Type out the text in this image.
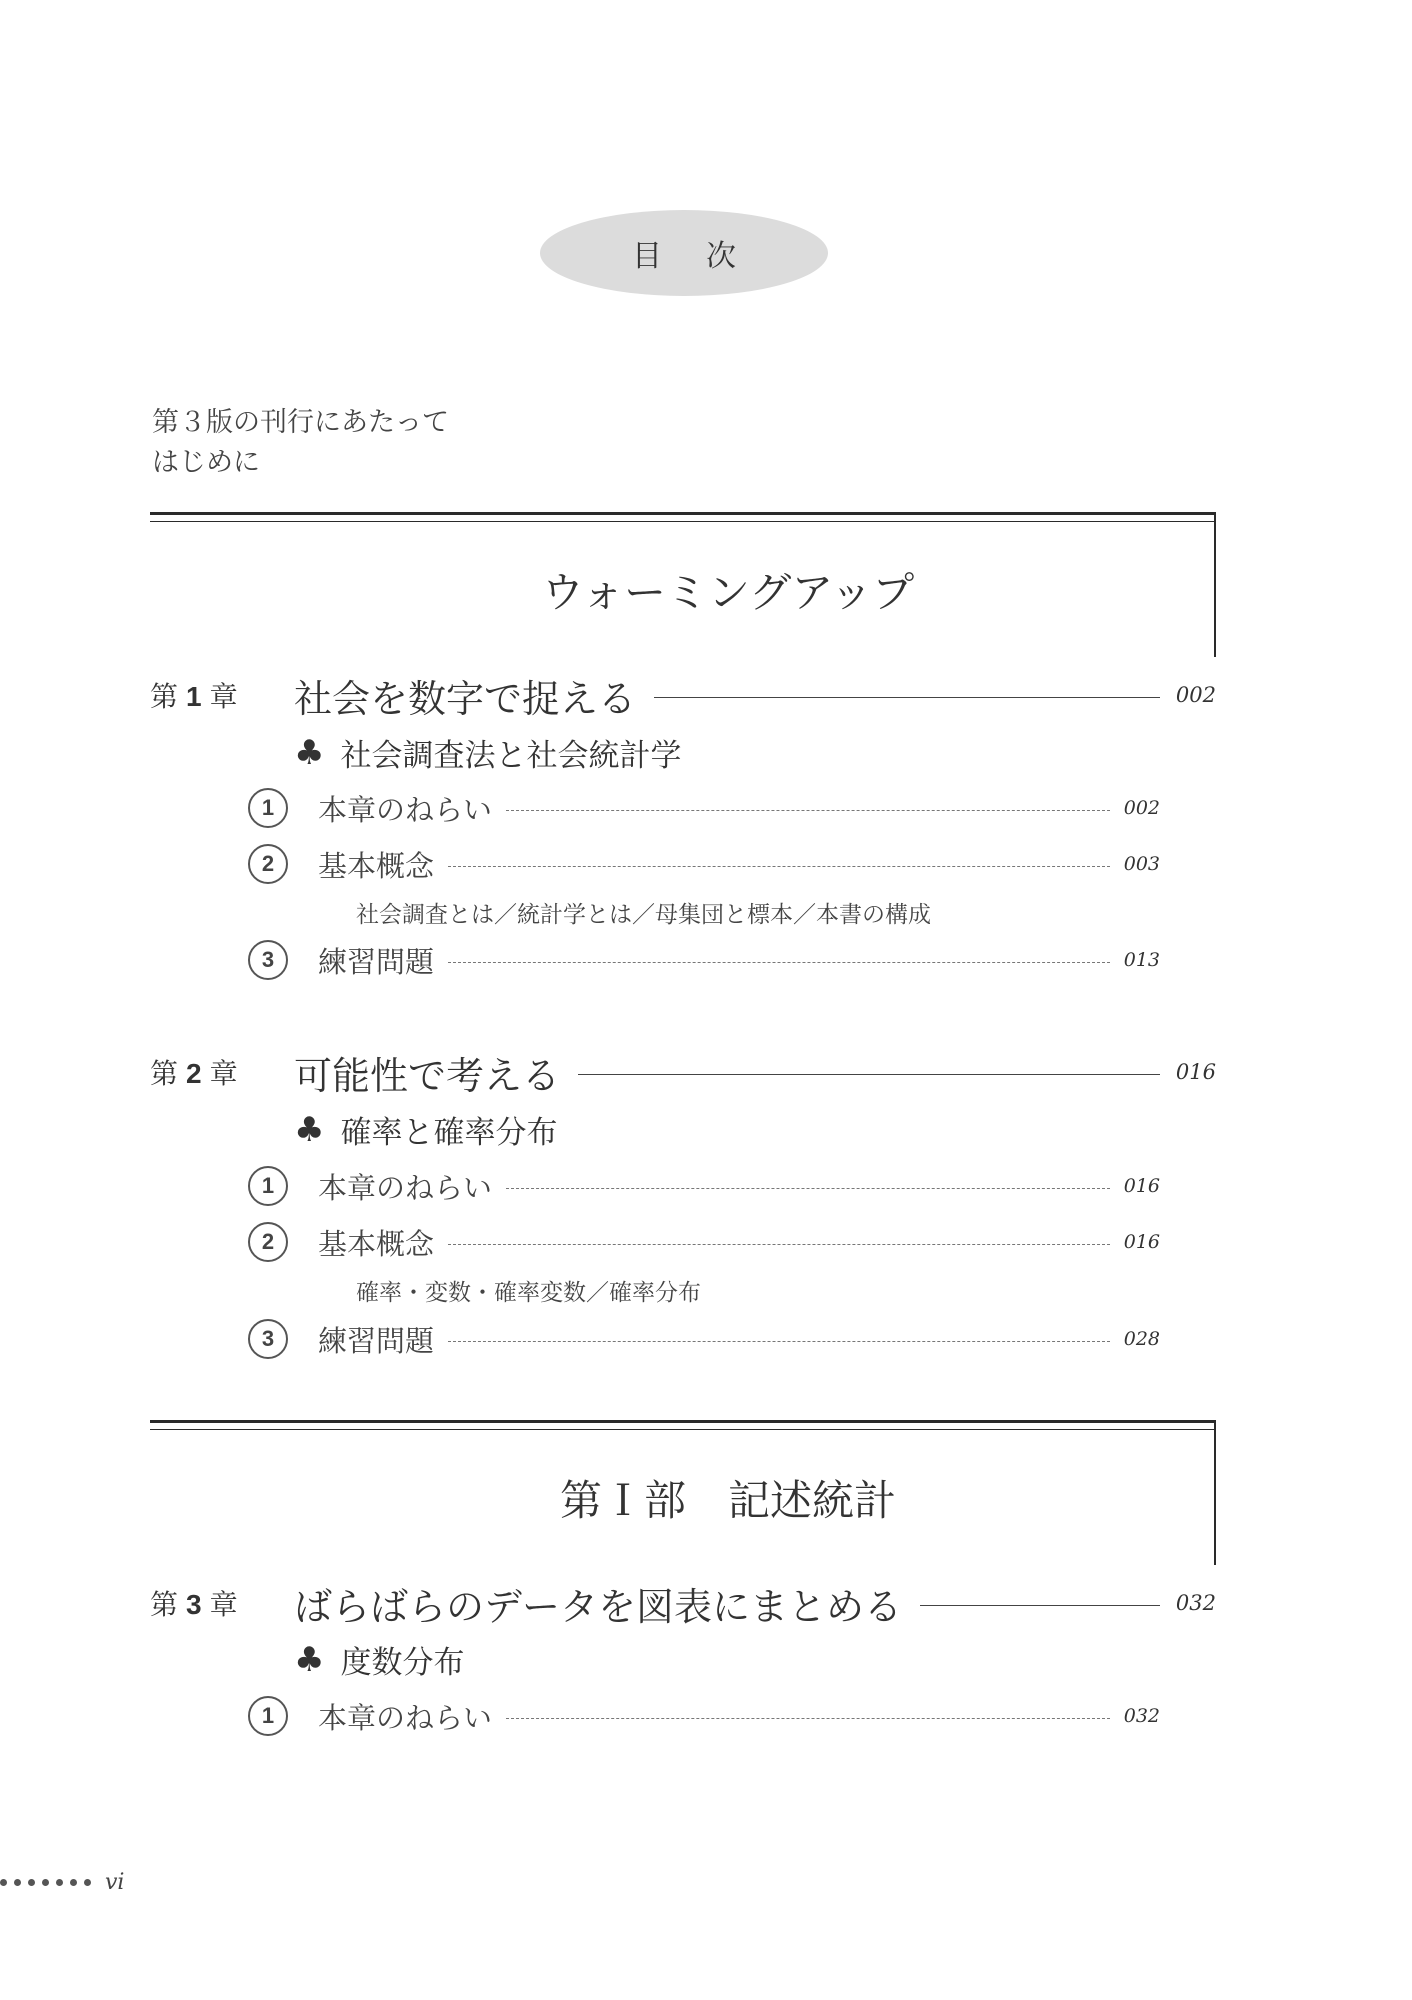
目次
第３版の刊行にあたって
はじめに
ウォーミングアップ
第 1 章	社会を数字で捉える	002
♣ 社会調査法と社会統計学
1	本章のねらい	002
2	基本概念	003
社会調査とは／統計学とは／母集団と標本／本書の構成
3	練習問題	013
第 2 章	可能性で考える	016
♣ 確率と確率分布
1	本章のねらい	016
2	基本概念	016
確率・変数・確率変数／確率分布
3	練習問題	028
第Ｉ部　記述統計
第 3 章	ばらばらのデータを図表にまとめる	032
♣ 度数分布
1	本章のねらい	032
vi
